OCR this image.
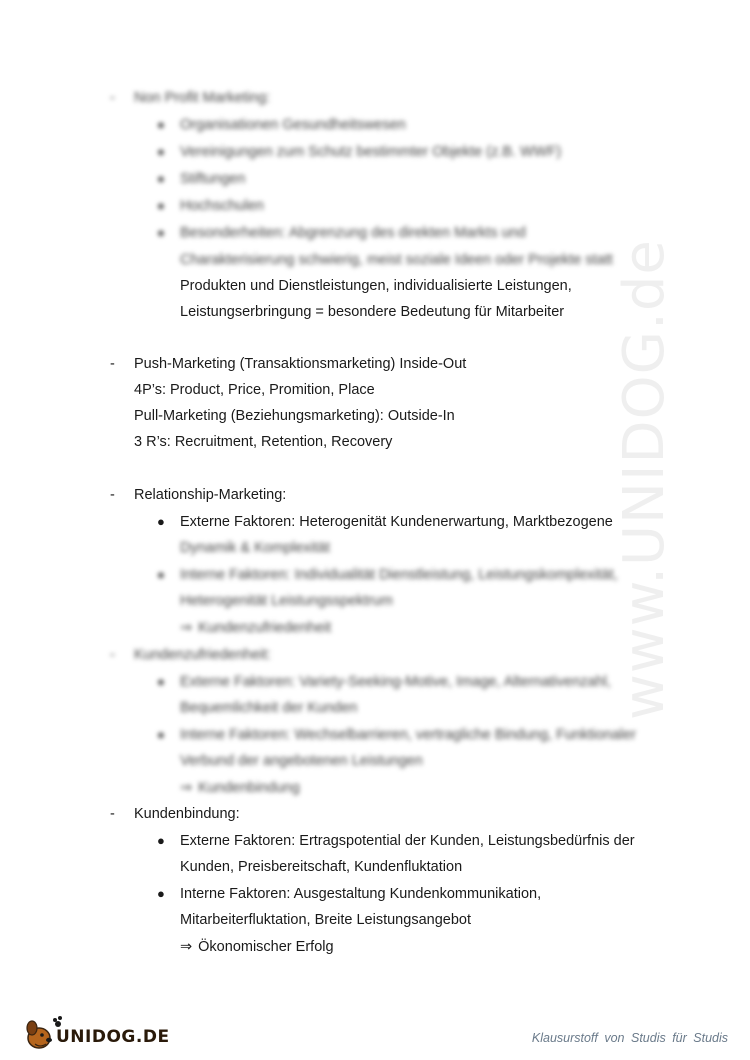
www.UNIDOG.de
- Non Profit Marketing:
● Organisationen Gesundheitswesen
● Vereinigungen zum Schutz bestimmter Objekte (z.B. WWF)
● Stiftungen
● Hochschulen
● Besonderheiten: Abgrenzung des direkten Markts und
Charakterisierung schwierig, meist soziale Ideen oder Projekte statt
Produkten und Dienstleistungen, individualisierte Leistungen,
Leistungserbringung = besondere Bedeutung für Mitarbeiter
- Push-Marketing (Transaktionsmarketing) Inside-Out
4P’s: Product, Price, Promition, Place
Pull-Marketing (Beziehungsmarketing): Outside-In
3 R’s: Recruitment, Retention, Recovery
- Relationship-Marketing:
● Externe Faktoren: Heterogenität Kundenerwartung, Marktbezogene
Dynamik & Komplexität
● Interne Faktoren: Individualität Dienstleistung, Leistungskomplexität,
Heterogenität Leistungsspektrum
⇒ Kundenzufriedenheit
- Kundenzufriedenheit:
● Externe Faktoren: Variety-Seeking-Motive, Image, Alternativenzahl,
Bequemlichkeit der Kunden
● Interne Faktoren: Wechselbarrieren, vertragliche Bindung, Funktionaler
Verbund der angebotenen Leistungen
⇒ Kundenbindung
- Kundenbindung:
● Externe Faktoren: Ertragspotential der Kunden, Leistungsbedürfnis der
Kunden, Preisbereitschaft, Kundenfluktation
● Interne Faktoren: Ausgestaltung Kundenkommunikation,
Mitarbeiterfluktation, Breite Leistungsangebot
⇒ Ökonomischer Erfolg
UNIDOG.DE	Klausurstoff von Studis für Studis
